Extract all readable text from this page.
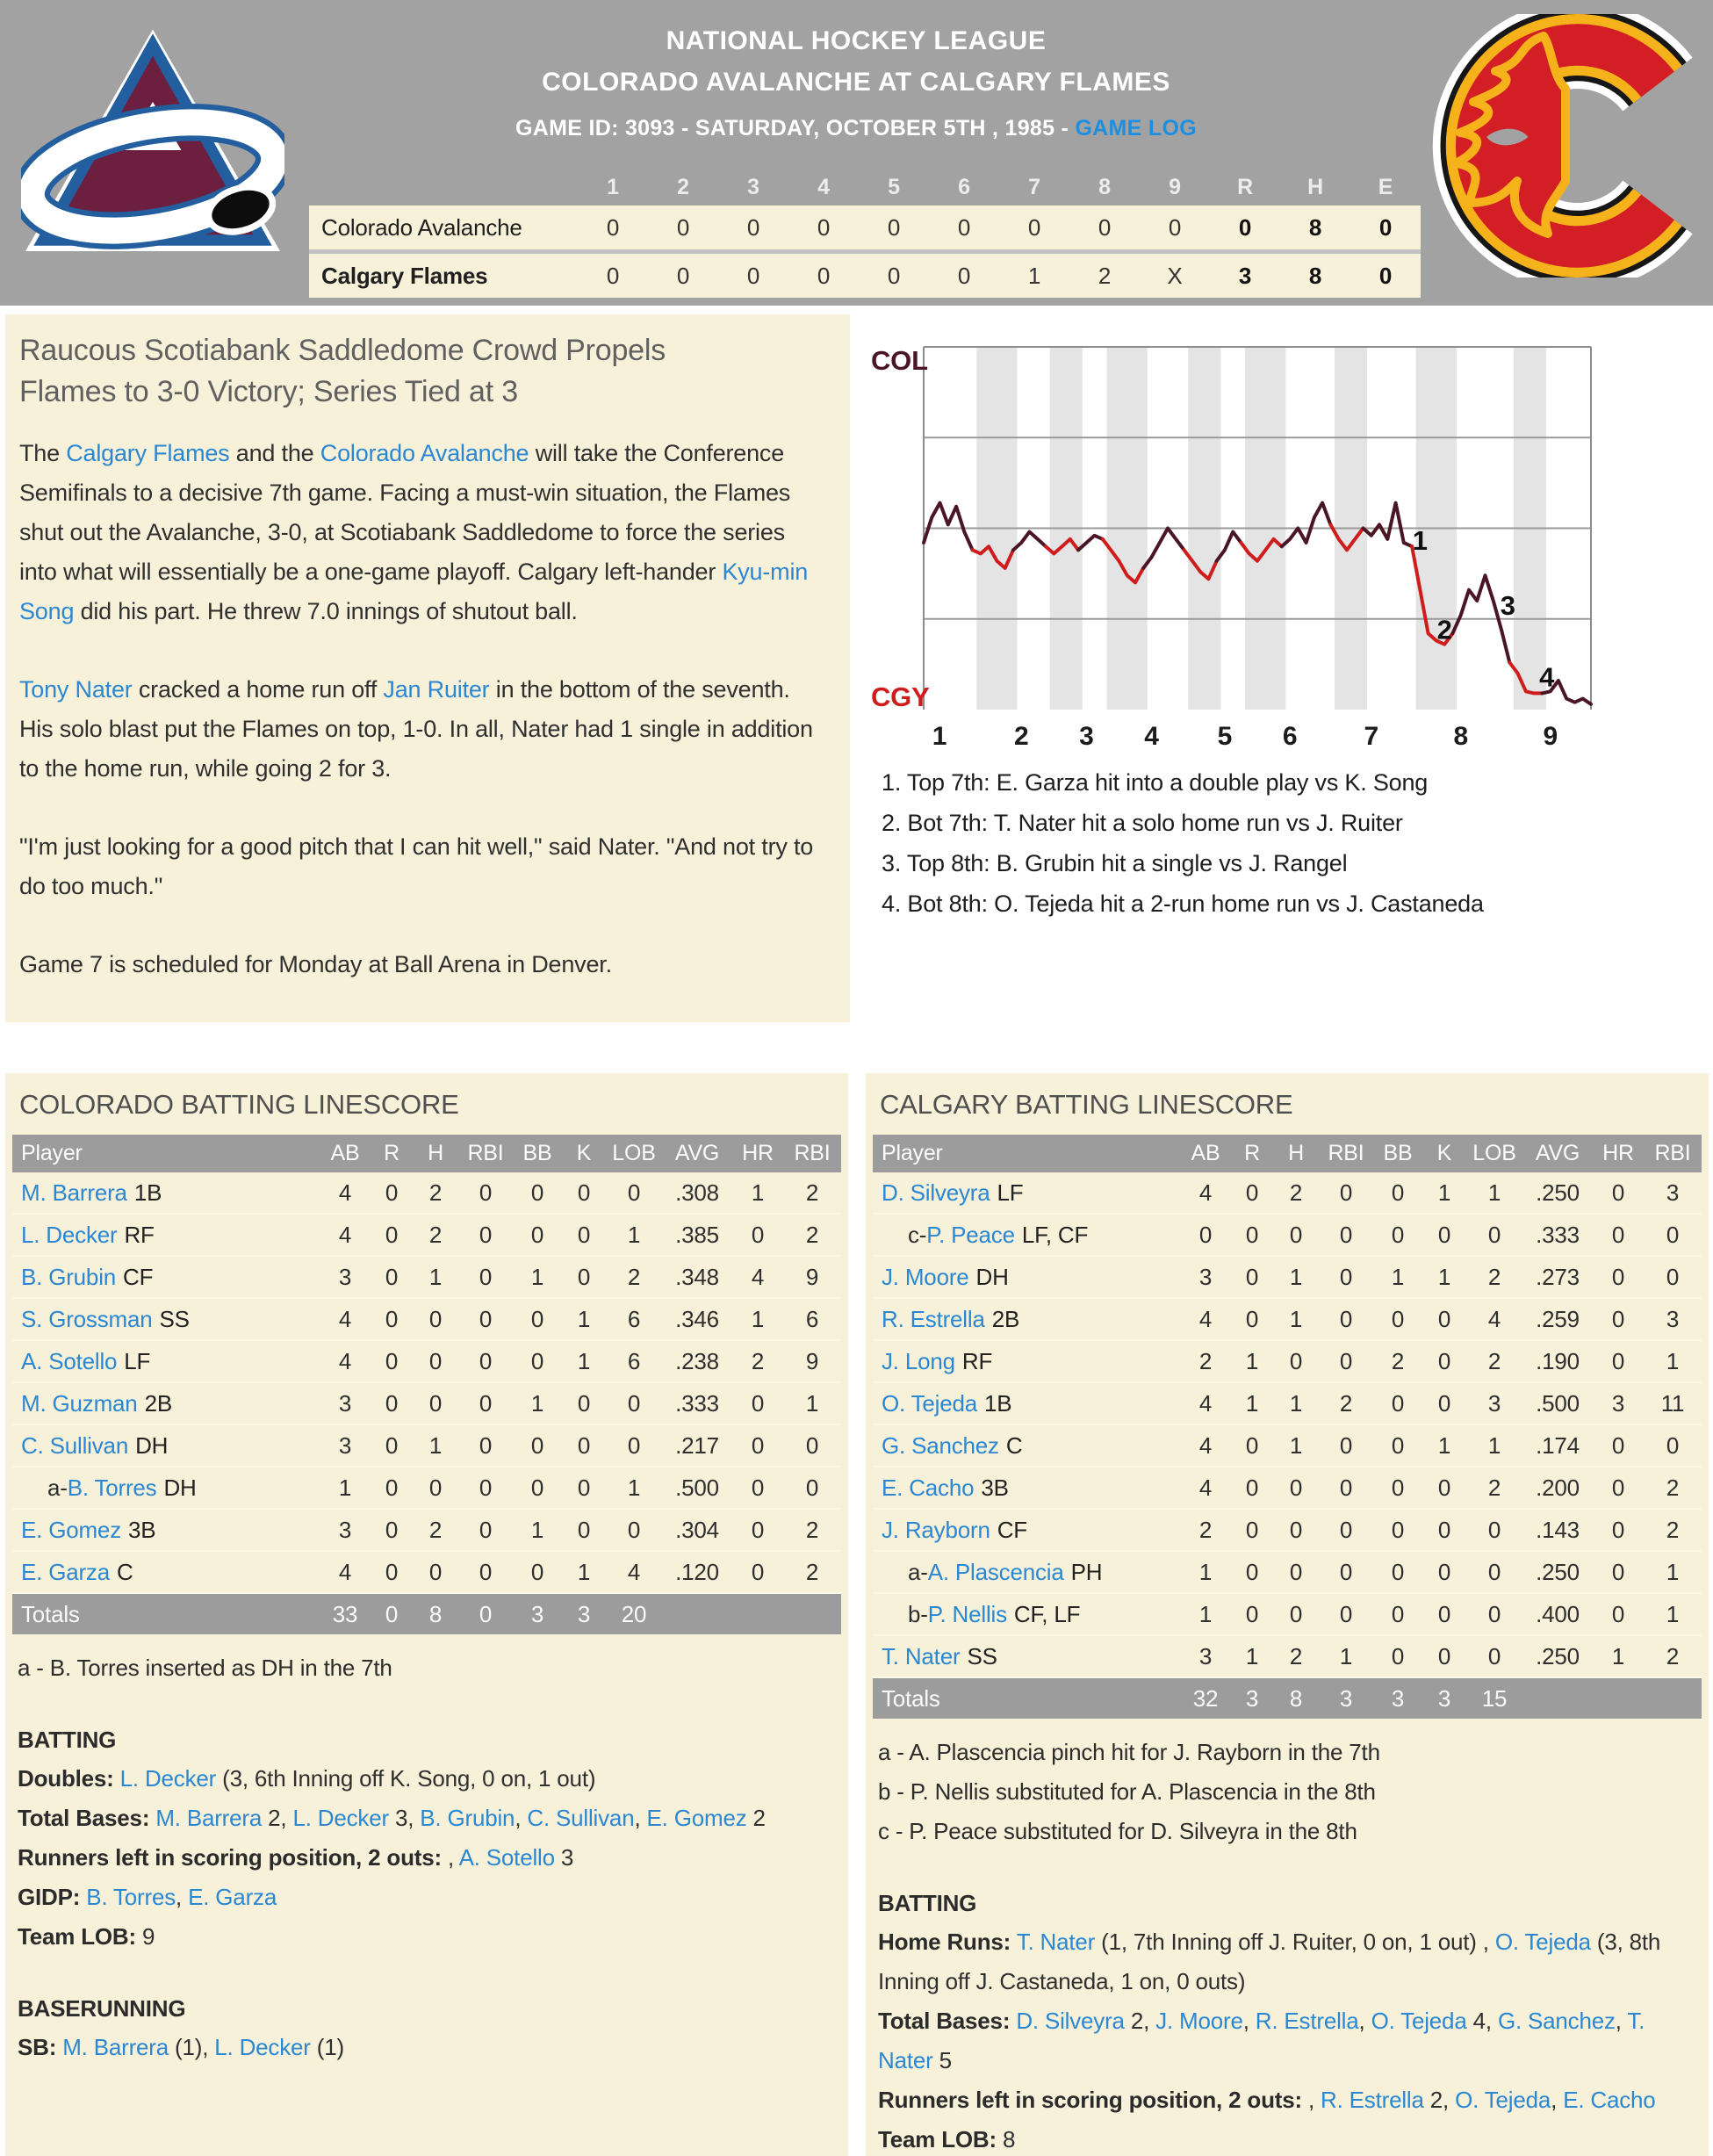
NATIONAL HOCKEY LEAGUE
COLORADO AVALANCHE AT CALGARY FLAMES
GAME ID: 3093 - SATURDAY, OCTOBER 5TH , 1985 - GAME LOG
	1	2	3	4	5	6	7	8	9	R	H	E
Colorado Avalanche	0	0	0	0	0	0	0	0	0	0	8	0
Calgary Flames	0	0	0	0	0	0	1	2	X	3	8	0
Raucous Scotiabank Saddledome Crowd Propels Flames to 3-0 Victory; Series Tied at 3

The Calgary Flames and the Colorado Avalanche will take the Conference Semifinals to a decisive 7th game. Facing a must-win situation, the Flames shut out the Avalanche, 3-0, at Scotiabank Saddledome to force the series into what will essentially be a one-game playoff. Calgary left-hander Kyu-min Song did his part. He threw 7.0 innings of shutout ball.

Tony Nater cracked a home run off Jan Ruiter in the bottom of the seventh. His solo blast put the Flames on top, 1-0. In all, Nater had 1 single in addition to the home run, while going 2 for 3.

"I'm just looking for a good pitch that I can hit well," said Nater. "And not try to do too much."

Game 7 is scheduled for Monday at Ball Arena in Denver.

COL
CGY
1	2 3 4 5 6	7	8	9
1
2
3
4
1. Top 7th: E. Garza hit into a double play vs K. Song
2. Bot 7th: T. Nater hit a solo home run vs J. Ruiter
3. Top 8th: B. Grubin hit a single vs J. Rangel
4. Bot 8th: O. Tejeda hit a 2-run home run vs J. Castaneda
COLORADO BATTING LINESCORE
Player	AB	R	H	RBI	BB	K	LOB	AVG	HR	RBI
M. Barrera 1B	4	0	2	0	0	0	0	.308	1	2
L. Decker RF	4	0	2	0	0	0	1	.385	0	2
B. Grubin CF	3	0	1	0	1	0	2	.348	4	9
S. Grossman SS	4	0	0	0	0	1	6	.346	1	6
A. Sotello LF	4	0	0	0	0	1	6	.238	2	9
M. Guzman 2B	3	0	0	0	1	0	0	.333	0	1
C. Sullivan DH	3	0	1	0	0	0	0	.217	0	0
a-B. Torres DH	1	0	0	0	0	0	1	.500	0	0
E. Gomez 3B	3	0	2	0	1	0	0	.304	0	2
E. Garza C	4	0	0	0	0	1	4	.120	0	2
Totals	33	0	8	0	3	3	20			
a - B. Torres inserted as DH in the 7th
BATTING
Doubles: L. Decker (3, 6th Inning off K. Song, 0 on, 1 out)
Total Bases: M. Barrera 2, L. Decker 3, B. Grubin, C. Sullivan, E. Gomez 2
Runners left in scoring position, 2 outs: , A. Sotello 3
GIDP: B. Torres, E. Garza
Team LOB: 9
BASERUNNING
SB: M. Barrera (1), L. Decker (1)
CALGARY BATTING LINESCORE
Player	AB	R	H	RBI	BB	K	LOB	AVG	HR	RBI
D. Silveyra LF	4	0	2	0	0	1	1	.250	0	3
c-P. Peace LF, CF	0	0	0	0	0	0	0	.333	0	0
J. Moore DH	3	0	1	0	1	1	2	.273	0	0
R. Estrella 2B	4	0	1	0	0	0	4	.259	0	3
J. Long RF	2	1	0	0	2	0	2	.190	0	1
O. Tejeda 1B	4	1	1	2	0	0	3	.500	3	11
G. Sanchez C	4	0	1	0	0	1	1	.174	0	0
E. Cacho 3B	4	0	0	0	0	0	2	.200	0	2
J. Rayborn CF	2	0	0	0	0	0	0	.143	0	2
a-A. Plascencia PH	1	0	0	0	0	0	0	.250	0	1
b-P. Nellis CF, LF	1	0	0	0	0	0	0	.400	0	1
T. Nater SS	3	1	2	1	0	0	0	.250	1	2
Totals	32	3	8	3	3	3	15			
a - A. Plascencia pinch hit for J. Rayborn in the 7th
b - P. Nellis substituted for A. Plascencia in the 8th
c - P. Peace substituted for D. Silveyra in the 8th
BATTING
Home Runs: T. Nater (1, 7th Inning off J. Ruiter, 0 on, 1 out) , O. Tejeda (3, 8th Inning off J. Castaneda, 1 on, 0 outs)
Total Bases: D. Silveyra 2, J. Moore, R. Estrella, O. Tejeda 4, G. Sanchez, T. Nater 5
Runners left in scoring position, 2 outs: , R. Estrella 2, O. Tejeda, E. Cacho
Team LOB: 8
